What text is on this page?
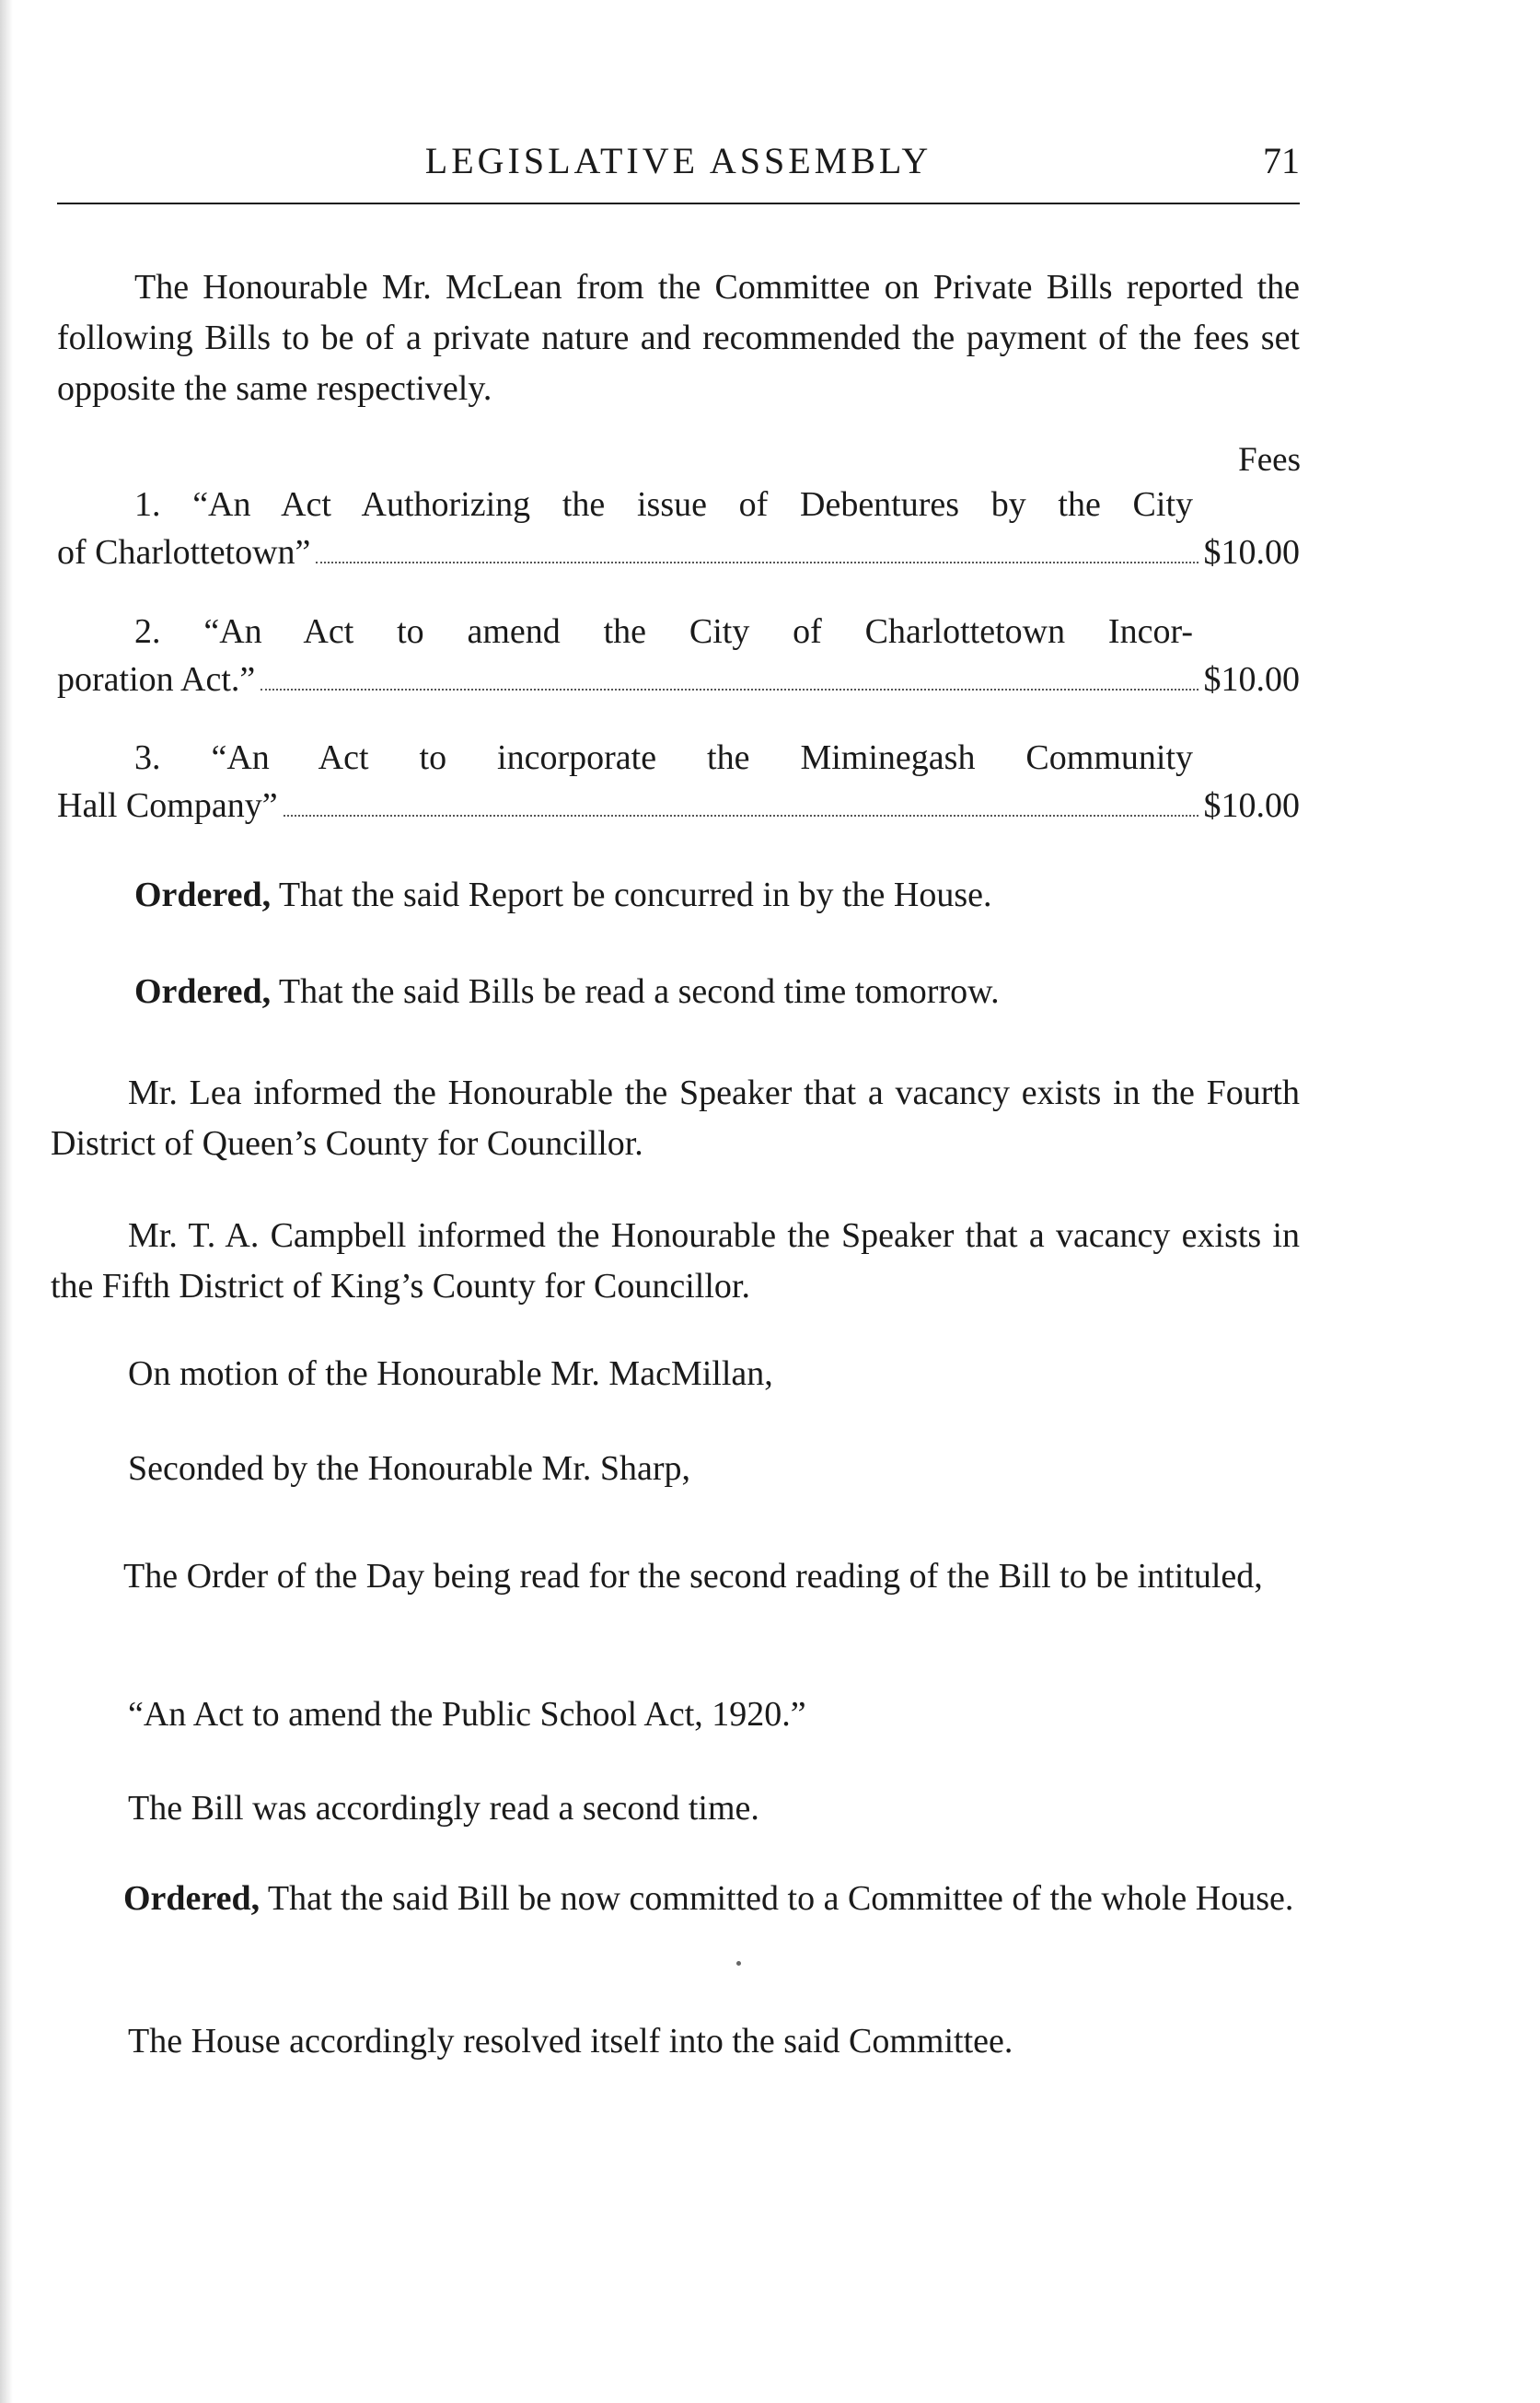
LEGISLATIVE ASSEMBLY	71
The Honourable Mr. McLean from the Committee on Private Bills reported the following Bills to be of a private nature and recommended the payment of the fees set opposite the same respectively.
Fees
1. “An Act Authorizing the issue of Debentures by the City
of Charlottetown”	$10.00
2. “An Act to amend the City of Charlottetown Incor-
poration Act.”	$10.00
3. “An Act to incorporate the Miminegash Community
Hall Company”	$10.00
Ordered, That the said Report be concurred in by the House.
Ordered, That the said Bills be read a second time tomorrow.
Mr. Lea informed the Honourable the Speaker that a vacancy exists in the Fourth District of Queen’s County for Councillor.
Mr. T. A. Campbell informed the Honourable the Speaker that a vacancy exists in the Fifth District of King’s County for Councillor.
On motion of the Honourable Mr. MacMillan,
Seconded by the Honourable Mr. Sharp,
The Order of the Day being read for the second reading of the Bill to be intituled,
“An Act to amend the Public School Act, 1920.”
The Bill was accordingly read a second time.
Ordered, That the said Bill be now committed to a Committee of the whole House.
The House accordingly resolved itself into the said Committee.
